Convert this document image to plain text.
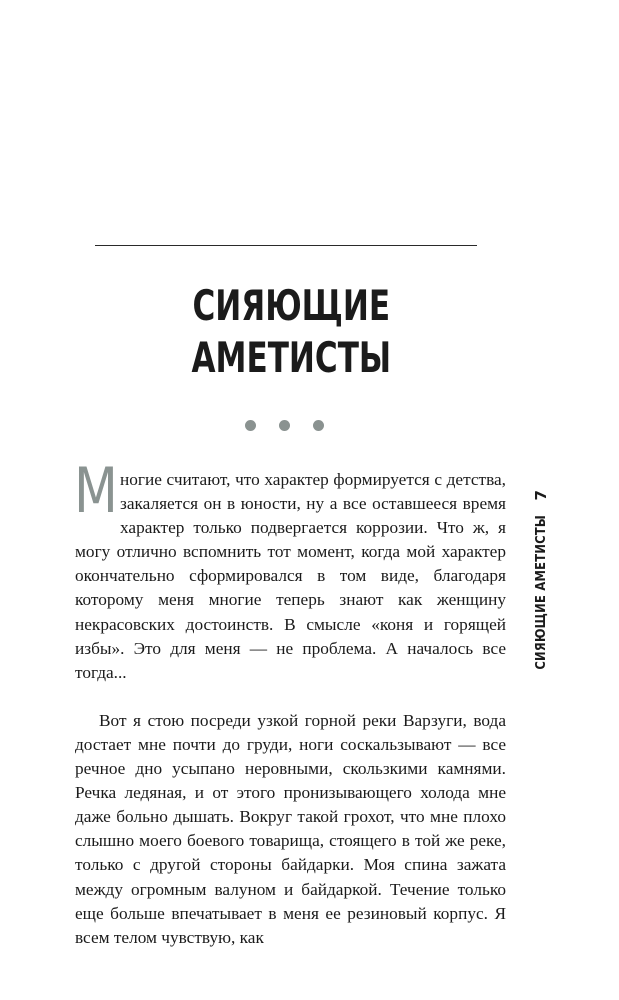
СИЯЮЩИЕ
АМЕТИСТЫ

Многие считают, что характер формируется с детства, закаляется он в юности, ну а все оставшееся время характер только подвергается коррозии. Что ж, я могу отлично вспомнить тот момент, когда мой характер окончательно сформировался в том виде, благодаря которому меня многие теперь знают как женщину некрасовских достоинств. В смысле «коня и горящей избы». Это для меня — не проблема. А началось все тогда...

Вот я стою посреди узкой горной реки Варзуги, вода достает мне почти до груди, ноги соскальзывают — все речное дно усыпано неровными, скользкими камнями. Речка ледяная, и от этого пронизывающего холода мне даже больно дышать. Вокруг такой грохот, что мне плохо слышно моего боевого товарища, стоящего в той же реке, только с другой стороны байдарки. Моя спина зажата между огромным валуном и байдаркой. Течение только еще больше впечатывает в меня ее резиновый корпус. Я всем телом чувствую, как

СИЯЮЩИЕ АМЕТИСТЫ
7
